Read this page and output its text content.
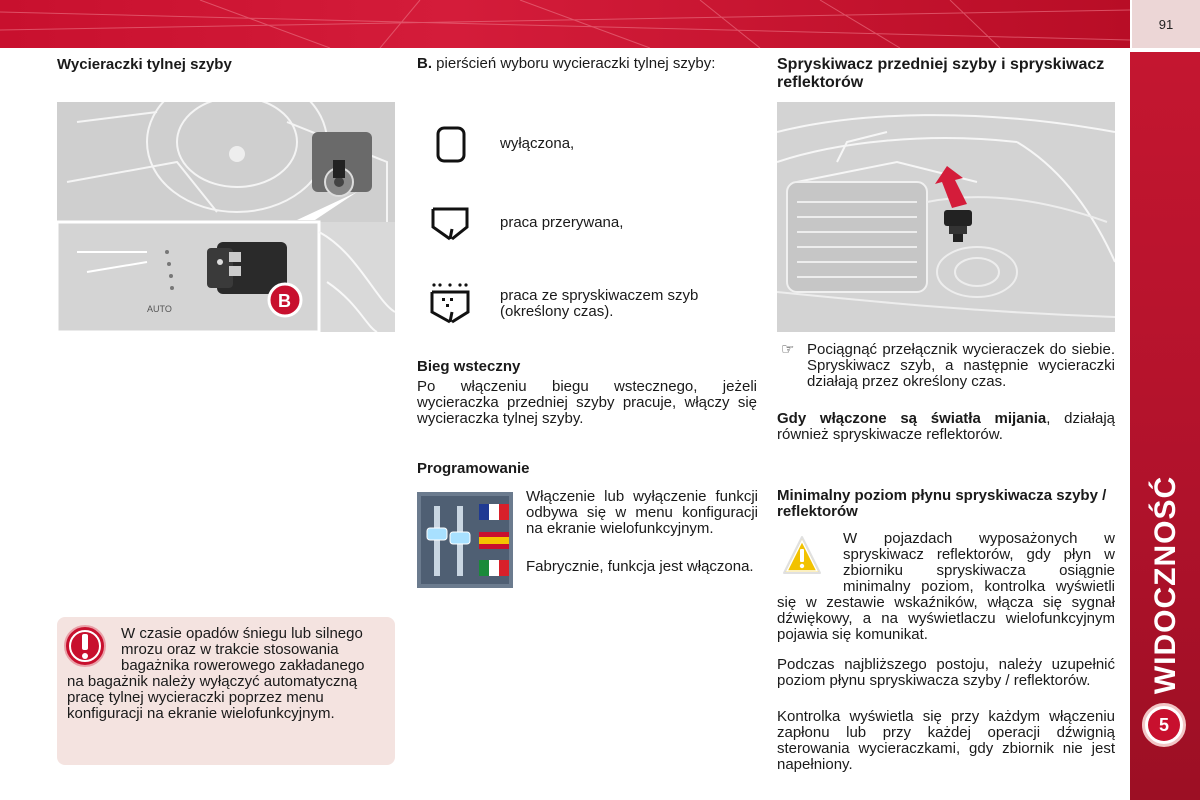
91
WIDOCZNOŚĆ
5
Wycieraczki tylnej szyby
AUTO	B
W czasie opadów śniegu lub silnego mrozu oraz w trakcie stosowania bagażnika rowerowego zakładanego na bagażnik należy wyłączyć automatyczną pracę tylnej wycieraczki poprzez menu konfiguracji na ekranie wielofunkcyjnym.
B. pierścień wyboru wycieraczki tylnej szyby:
wyłączona,
praca przerywana,
praca ze spryskiwaczem szyb (określony czas).
Bieg wsteczny
Po włączeniu biegu wstecznego, jeżeli wycieraczka przedniej szyby pracuje, włączy się wycieraczka tylnej szyby.
Programowanie
Włączenie lub wyłączenie funkcji odbywa się w menu konfiguracji na ekranie wielofunkcyjnym.
Fabrycznie, funkcja jest włączona.
Spryskiwacz przedniej szyby i spryskiwacz reflektorów
☞ Pociągnąć przełącznik wycieraczek do siebie. Spryskiwacz szyb, a następnie wycieraczki działają przez określony czas.
Gdy włączone są światła mijania, działają również spryskiwacze reflektorów.
Minimalny poziom płynu spryskiwacza szyby / reflektorów
W pojazdach wyposażonych w spryskiwacz reflektorów, gdy płyn w zbiorniku spryskiwacza osiągnie minimalny poziom, kontrolka wyświetli się w zestawie wskaźników, włącza się sygnał dźwiękowy, a na wyświetlaczu wielofunkcyjnym pojawia się komunikat.
Podczas najbliższego postoju, należy uzupełnić poziom płynu spryskiwacza szyby / reflektorów.
Kontrolka wyświetla się przy każdym włączeniu zapłonu lub przy każdej operacji dźwignią sterowania wycieraczkami, gdy zbiornik nie jest napełniony.
